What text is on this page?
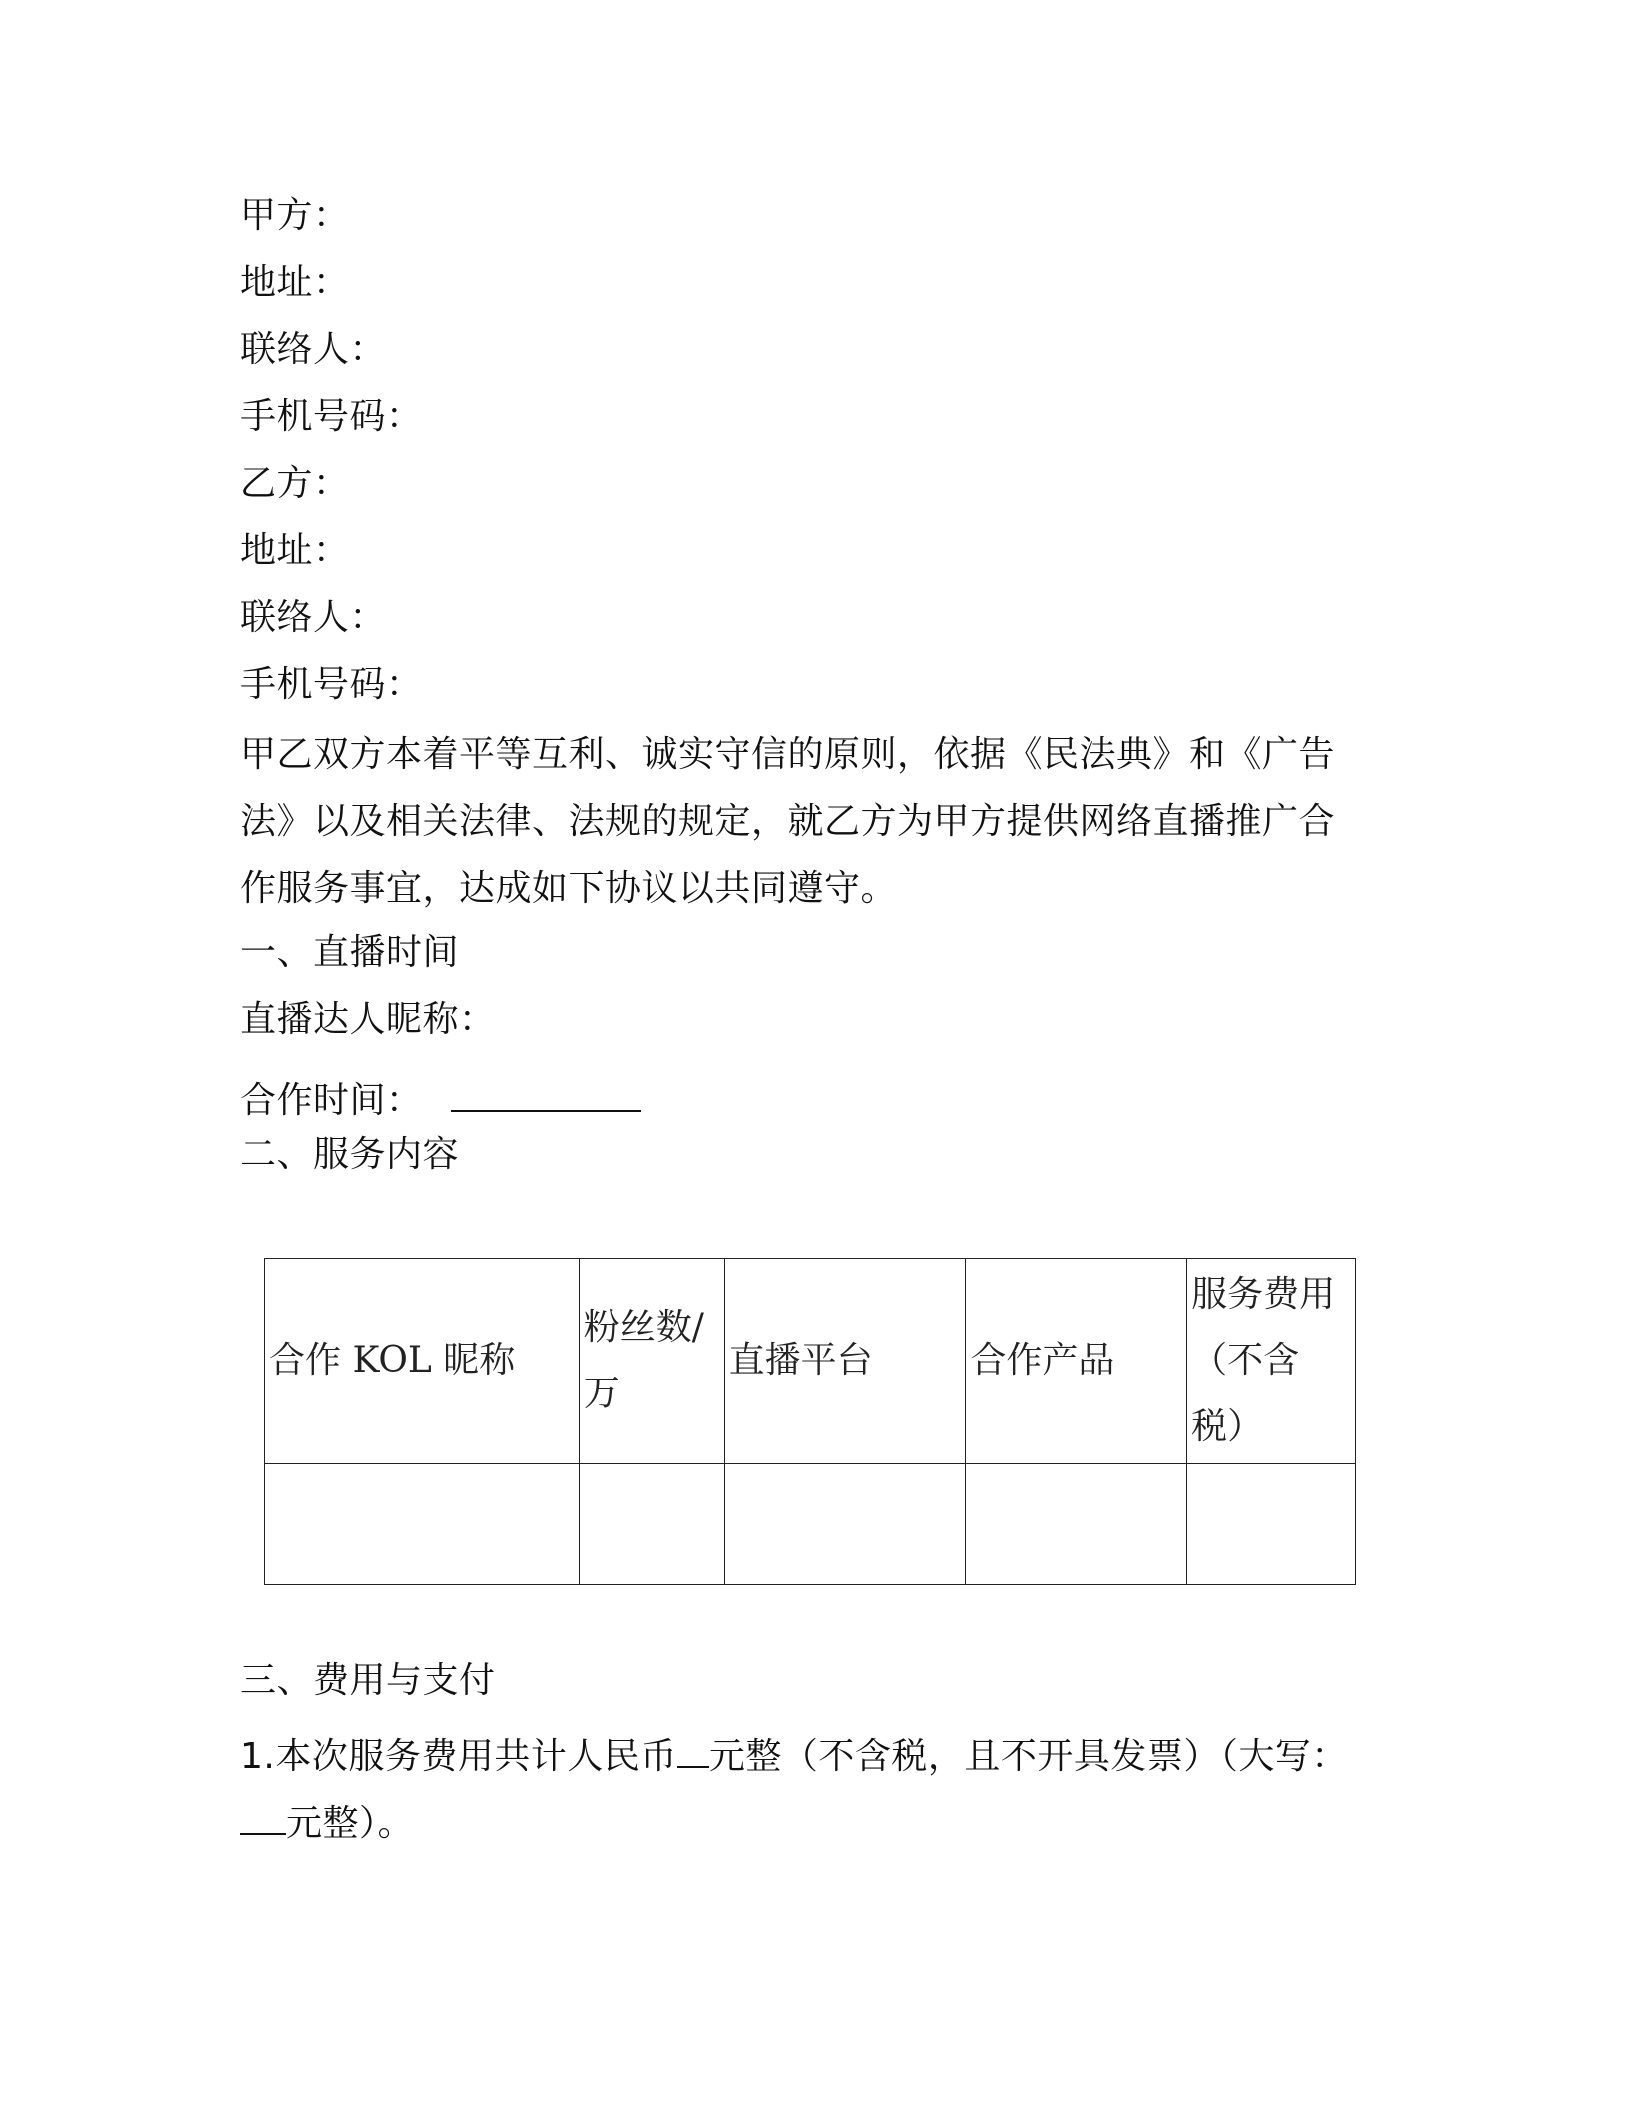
甲方：
地址：
联络人：
手机号码：
乙方：
地址：
联络人：
手机号码：
甲乙双方本着平等互利、诚实守信的原则，依据《民法典》和《广告法》以及相关法律、法规的规定，就乙方为甲方提供网络直播推广合作服务事宜，达成如下协议以共同遵守。
一、直播时间
直播达人昵称：
合作时间：
二、服务内容
合作 KOL 昵称	粉丝数/万	直播平台	合作产品	服务费用（不含税）

三、费用与支付
1.本次服务费用共计人民币 元整（不含税，且不开具发票）（大写：
元整）。
